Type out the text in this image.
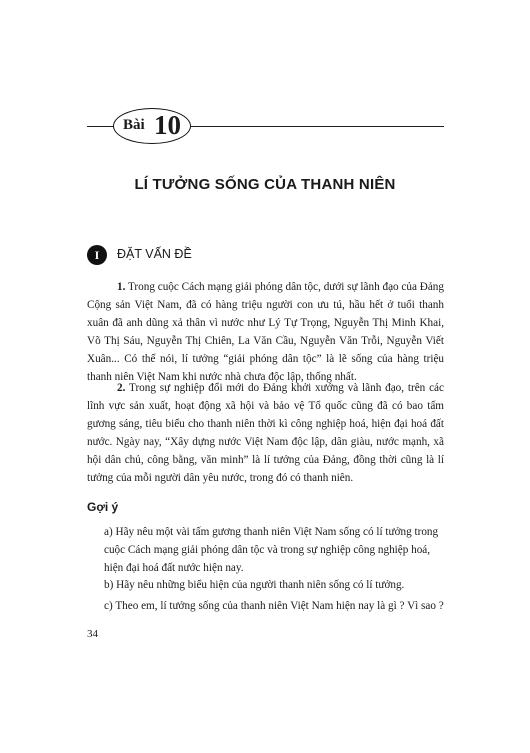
Bài 10
LÍ TƯỞNG SỐNG CỦA THANH NIÊN
I	ĐẶT VẤN ĐỀ

1. Trong cuộc Cách mạng giải phóng dân tộc, dưới sự lãnh đạo của Đảng Cộng sản Việt Nam, đã có hàng triệu người con ưu tú, hầu hết ở tuổi thanh xuân đã anh dũng xả thân vì nước như Lý Tự Trọng, Nguyễn Thị Minh Khai, Võ Thị Sáu, Nguyễn Thị Chiên, La Văn Cầu, Nguyễn Văn Trỗi, Nguyễn Viết Xuân... Có thể nói, lí tưởng “giải phóng dân tộc” là lẽ sống của hàng triệu thanh niên Việt Nam khi nước nhà chưa độc lập, thống nhất.

2. Trong sự nghiệp đổi mới do Đảng khởi xướng và lãnh đạo, trên các lĩnh vực sản xuất, hoạt động xã hội và bảo vệ Tổ quốc cũng đã có bao tấm gương sáng, tiêu biểu cho thanh niên thời kì công nghiệp hoá, hiện đại hoá đất nước. Ngày nay, “Xây dựng nước Việt Nam độc lập, dân giàu, nước mạnh, xã hội dân chủ, công bằng, văn minh” là lí tưởng của Đảng, đồng thời cũng là lí tưởng của mỗi người dân yêu nước, trong đó có thanh niên.

Gợi ý

a) Hãy nêu một vài tấm gương thanh niên Việt Nam sống có lí tưởng trong cuộc Cách mạng giải phóng dân tộc và trong sự nghiệp công nghiệp hoá, hiện đại hoá đất nước hiện nay.

b) Hãy nêu những biểu hiện của người thanh niên sống có lí tưởng.

c) Theo em, lí tưởng sống của thanh niên Việt Nam hiện nay là gì ? Vì sao ?

34
